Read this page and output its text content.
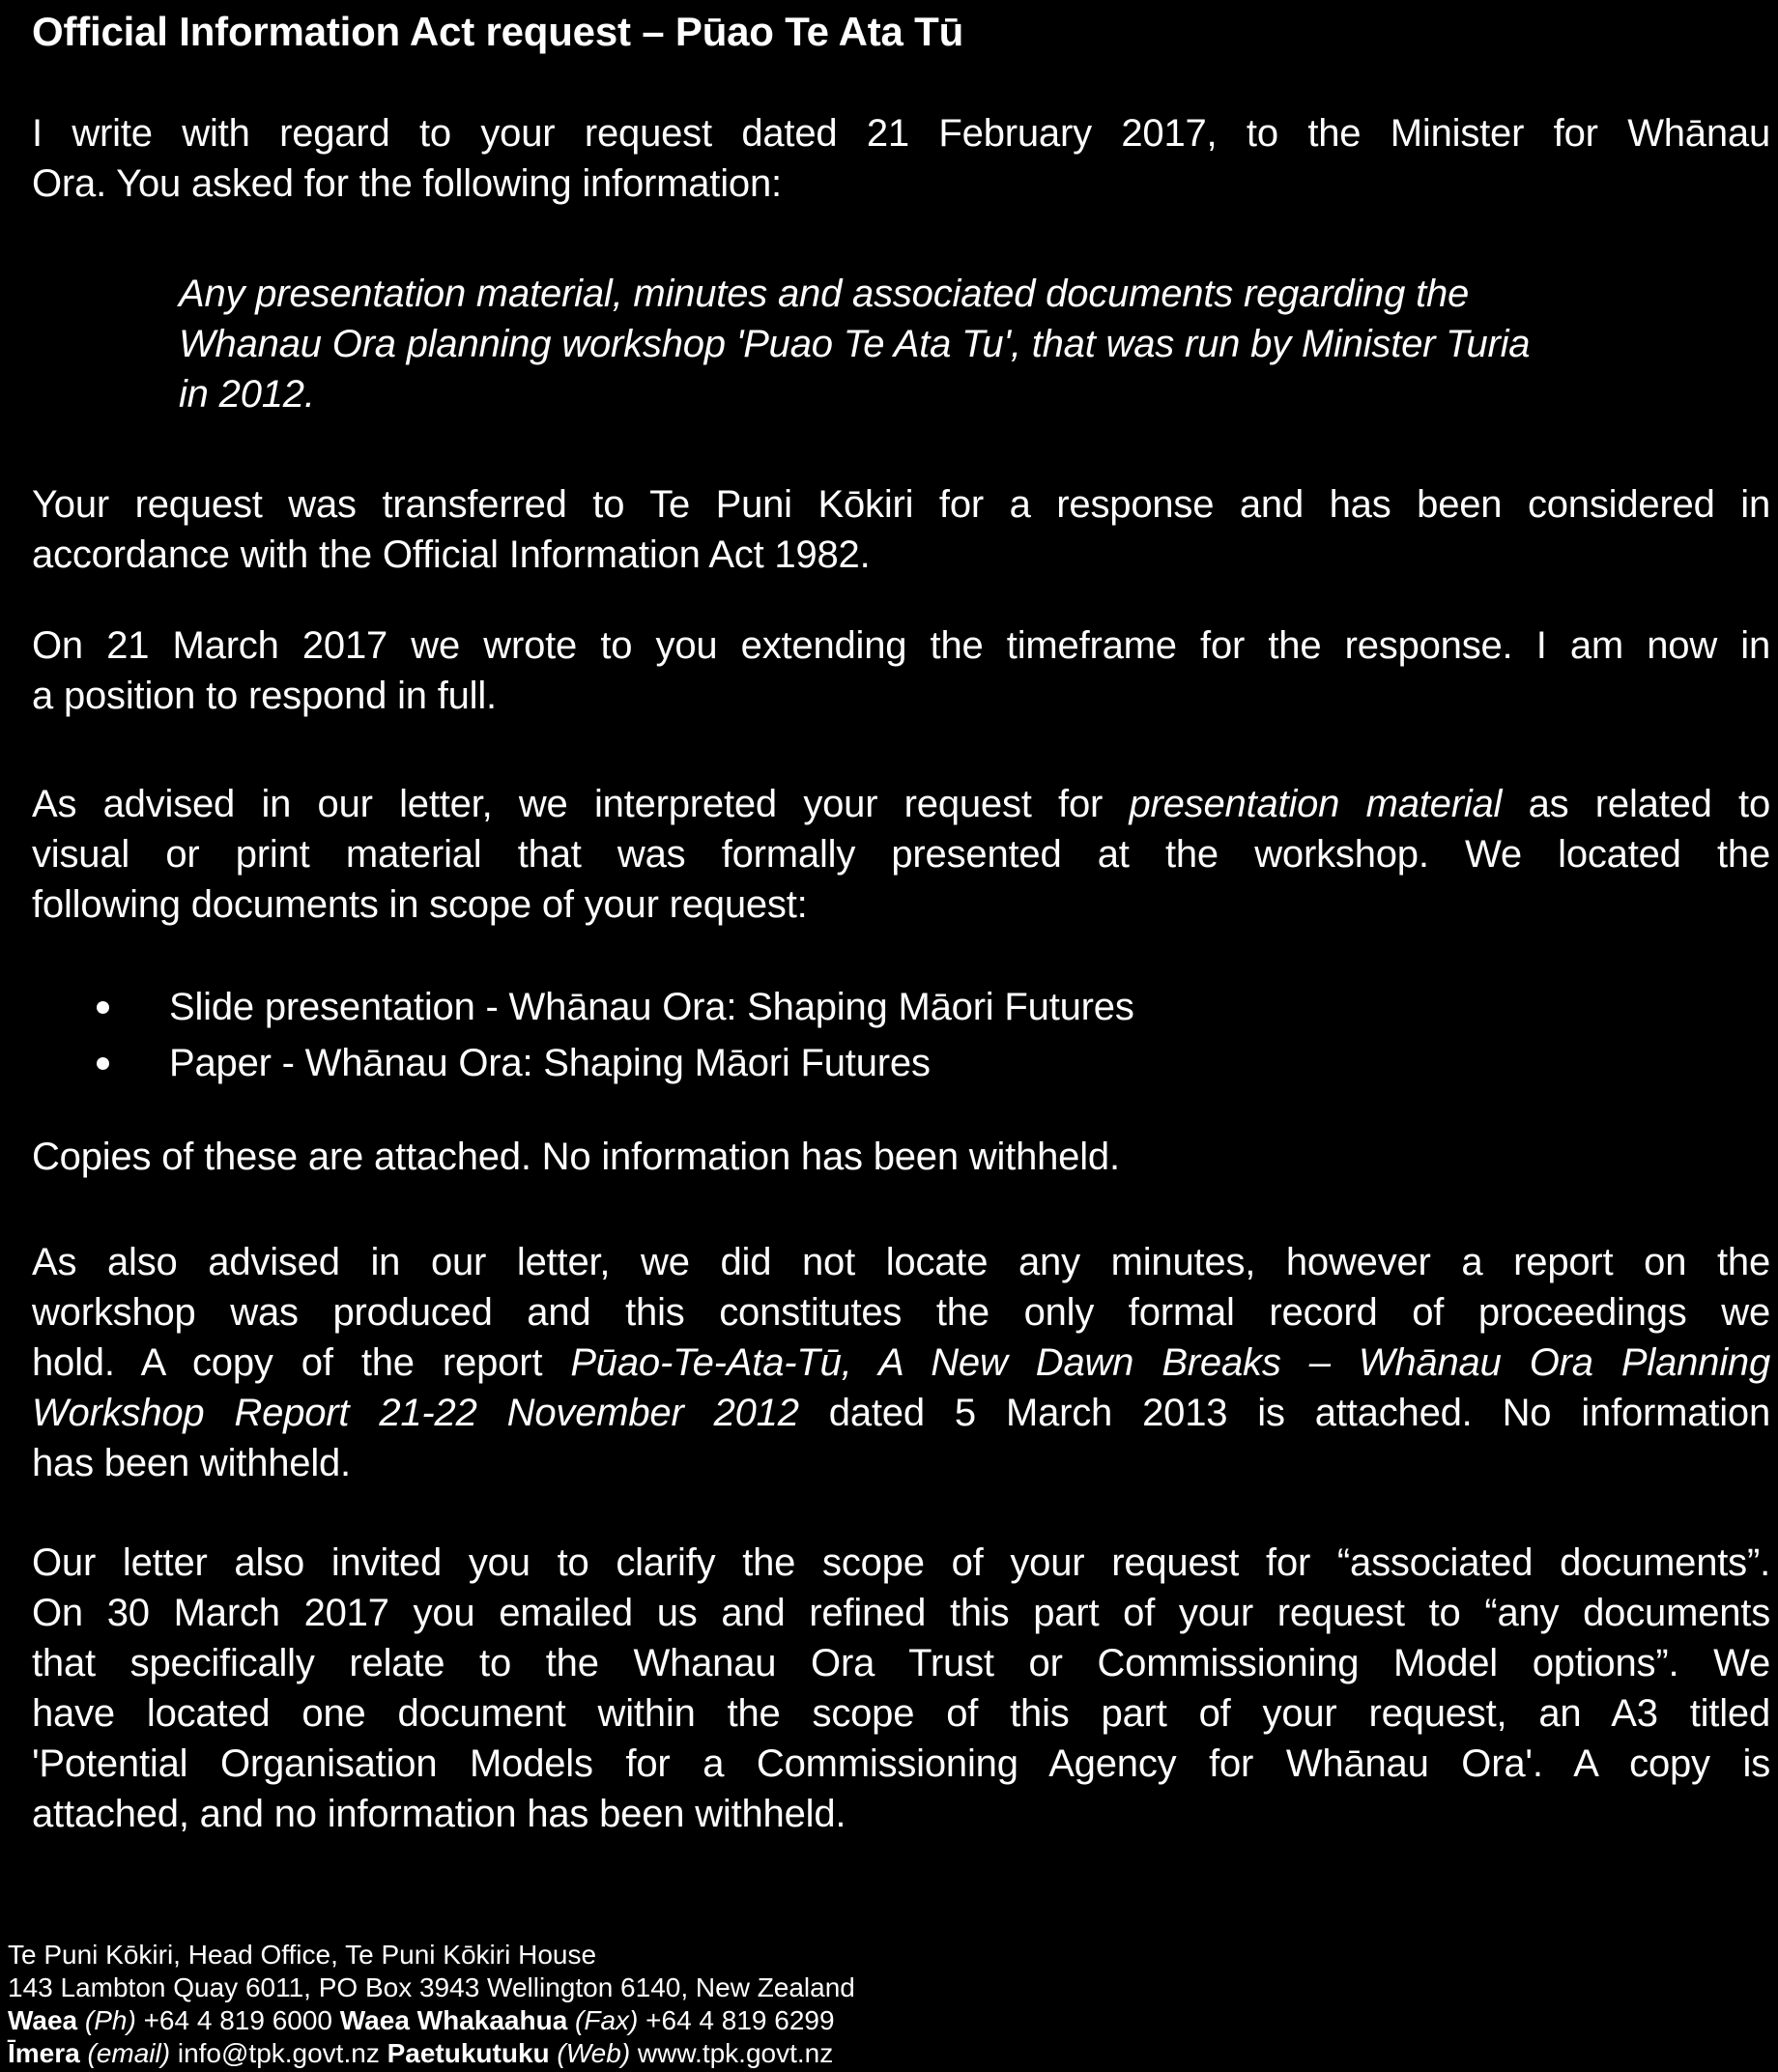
Official Information Act request – Pūao Te Ata Tū
I write with regard to your request dated 21 February 2017, to the Minister for Whānau
Ora. You asked for the following information:
Any presentation material, minutes and associated documents regarding the
Whanau Ora planning workshop 'Puao Te Ata Tu', that was run by Minister Turia
in 2012.
Your request was transferred to Te Puni Kōkiri for a response and has been considered in
accordance with the Official Information Act 1982.
On 21 March 2017 we wrote to you extending the timeframe for the response. I am now in
a position to respond in full.
As advised in our letter, we interpreted your request for presentation material as related to
visual or print material that was formally presented at the workshop. We located the
following documents in scope of your request:
Slide presentation - Whānau Ora: Shaping Māori Futures
Paper - Whānau Ora: Shaping Māori Futures
Copies of these are attached. No information has been withheld.
As also advised in our letter, we did not locate any minutes, however a report on the
workshop was produced and this constitutes the only formal record of proceedings we
hold. A copy of the report Pūao-Te-Ata-Tū, A New Dawn Breaks – Whānau Ora Planning
Workshop Report 21-22 November 2012 dated 5 March 2013 is attached. No information
has been withheld.
Our letter also invited you to clarify the scope of your request for “associated documents”.
On 30 March 2017 you emailed us and refined this part of your request to “any documents
that specifically relate to the Whanau Ora Trust or Commissioning Model options”. We
have located one document within the scope of this part of your request, an A3 titled
'Potential Organisation Models for a Commissioning Agency for Whānau Ora'. A copy is
attached, and no information has been withheld.
Te Puni Kōkiri, Head Office, Te Puni Kōkiri House
143 Lambton Quay 6011, PO Box 3943 Wellington 6140, New Zealand
Waea (Ph) +64 4 819 6000 Waea Whakaahua (Fax) +64 4 819 6299
Īmera (email) info@tpk.govt.nz Paetukutuku (Web) www.tpk.govt.nz
